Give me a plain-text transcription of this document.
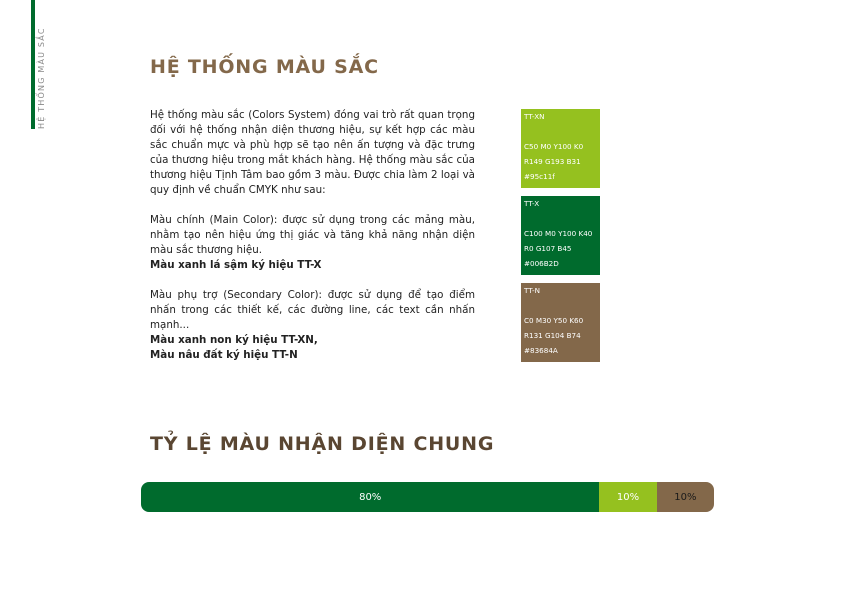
HỆ THỐNG MÀU SẮC	HỆ THỐNG MÀU SẮC

Hệ thống màu sắc (Colors System) đóng vai trò rất quan trọng đối với hệ thống nhận diện thương hiệu, sự kết hợp các màu sắc chuẩn mực và phù hợp sẽ tạo nên ấn tượng và đặc trưng của thương hiệu trong mắt khách hàng. Hệ thống màu sắc của thương hiệu Tịnh Tâm bao gồm 3 màu. Được chia làm 2 loại và quy định về chuẩn CMYK như sau:

Màu chính (Main Color): được sử dụng trong các mảng màu, nhằm tạo nên hiệu ứng thị giác và tăng khả năng nhận diện màu sắc thương hiệu.

Màu xanh lá sậm ký hiệu TT-X

Màu phụ trợ (Secondary Color): được sử dụng để tạo điểm nhấn trong các thiết kế, các đường line, các text cần nhấn mạnh...

Màu xanh non ký hiệu TT-XN,

Màu nâu đất ký hiệu TT-N

TT-XN
C50 M0 Y100 K0
R149 G193 B31
#95c11f
TT-X
C100 M0 Y100 K40
R0 G107 B45
#006B2D
TT-N
C0 M30 Y50 K60
R131 G104 B74
#83684A
TỶ LỆ MÀU NHẬN DIỆN CHUNG
80%	10%	10%
